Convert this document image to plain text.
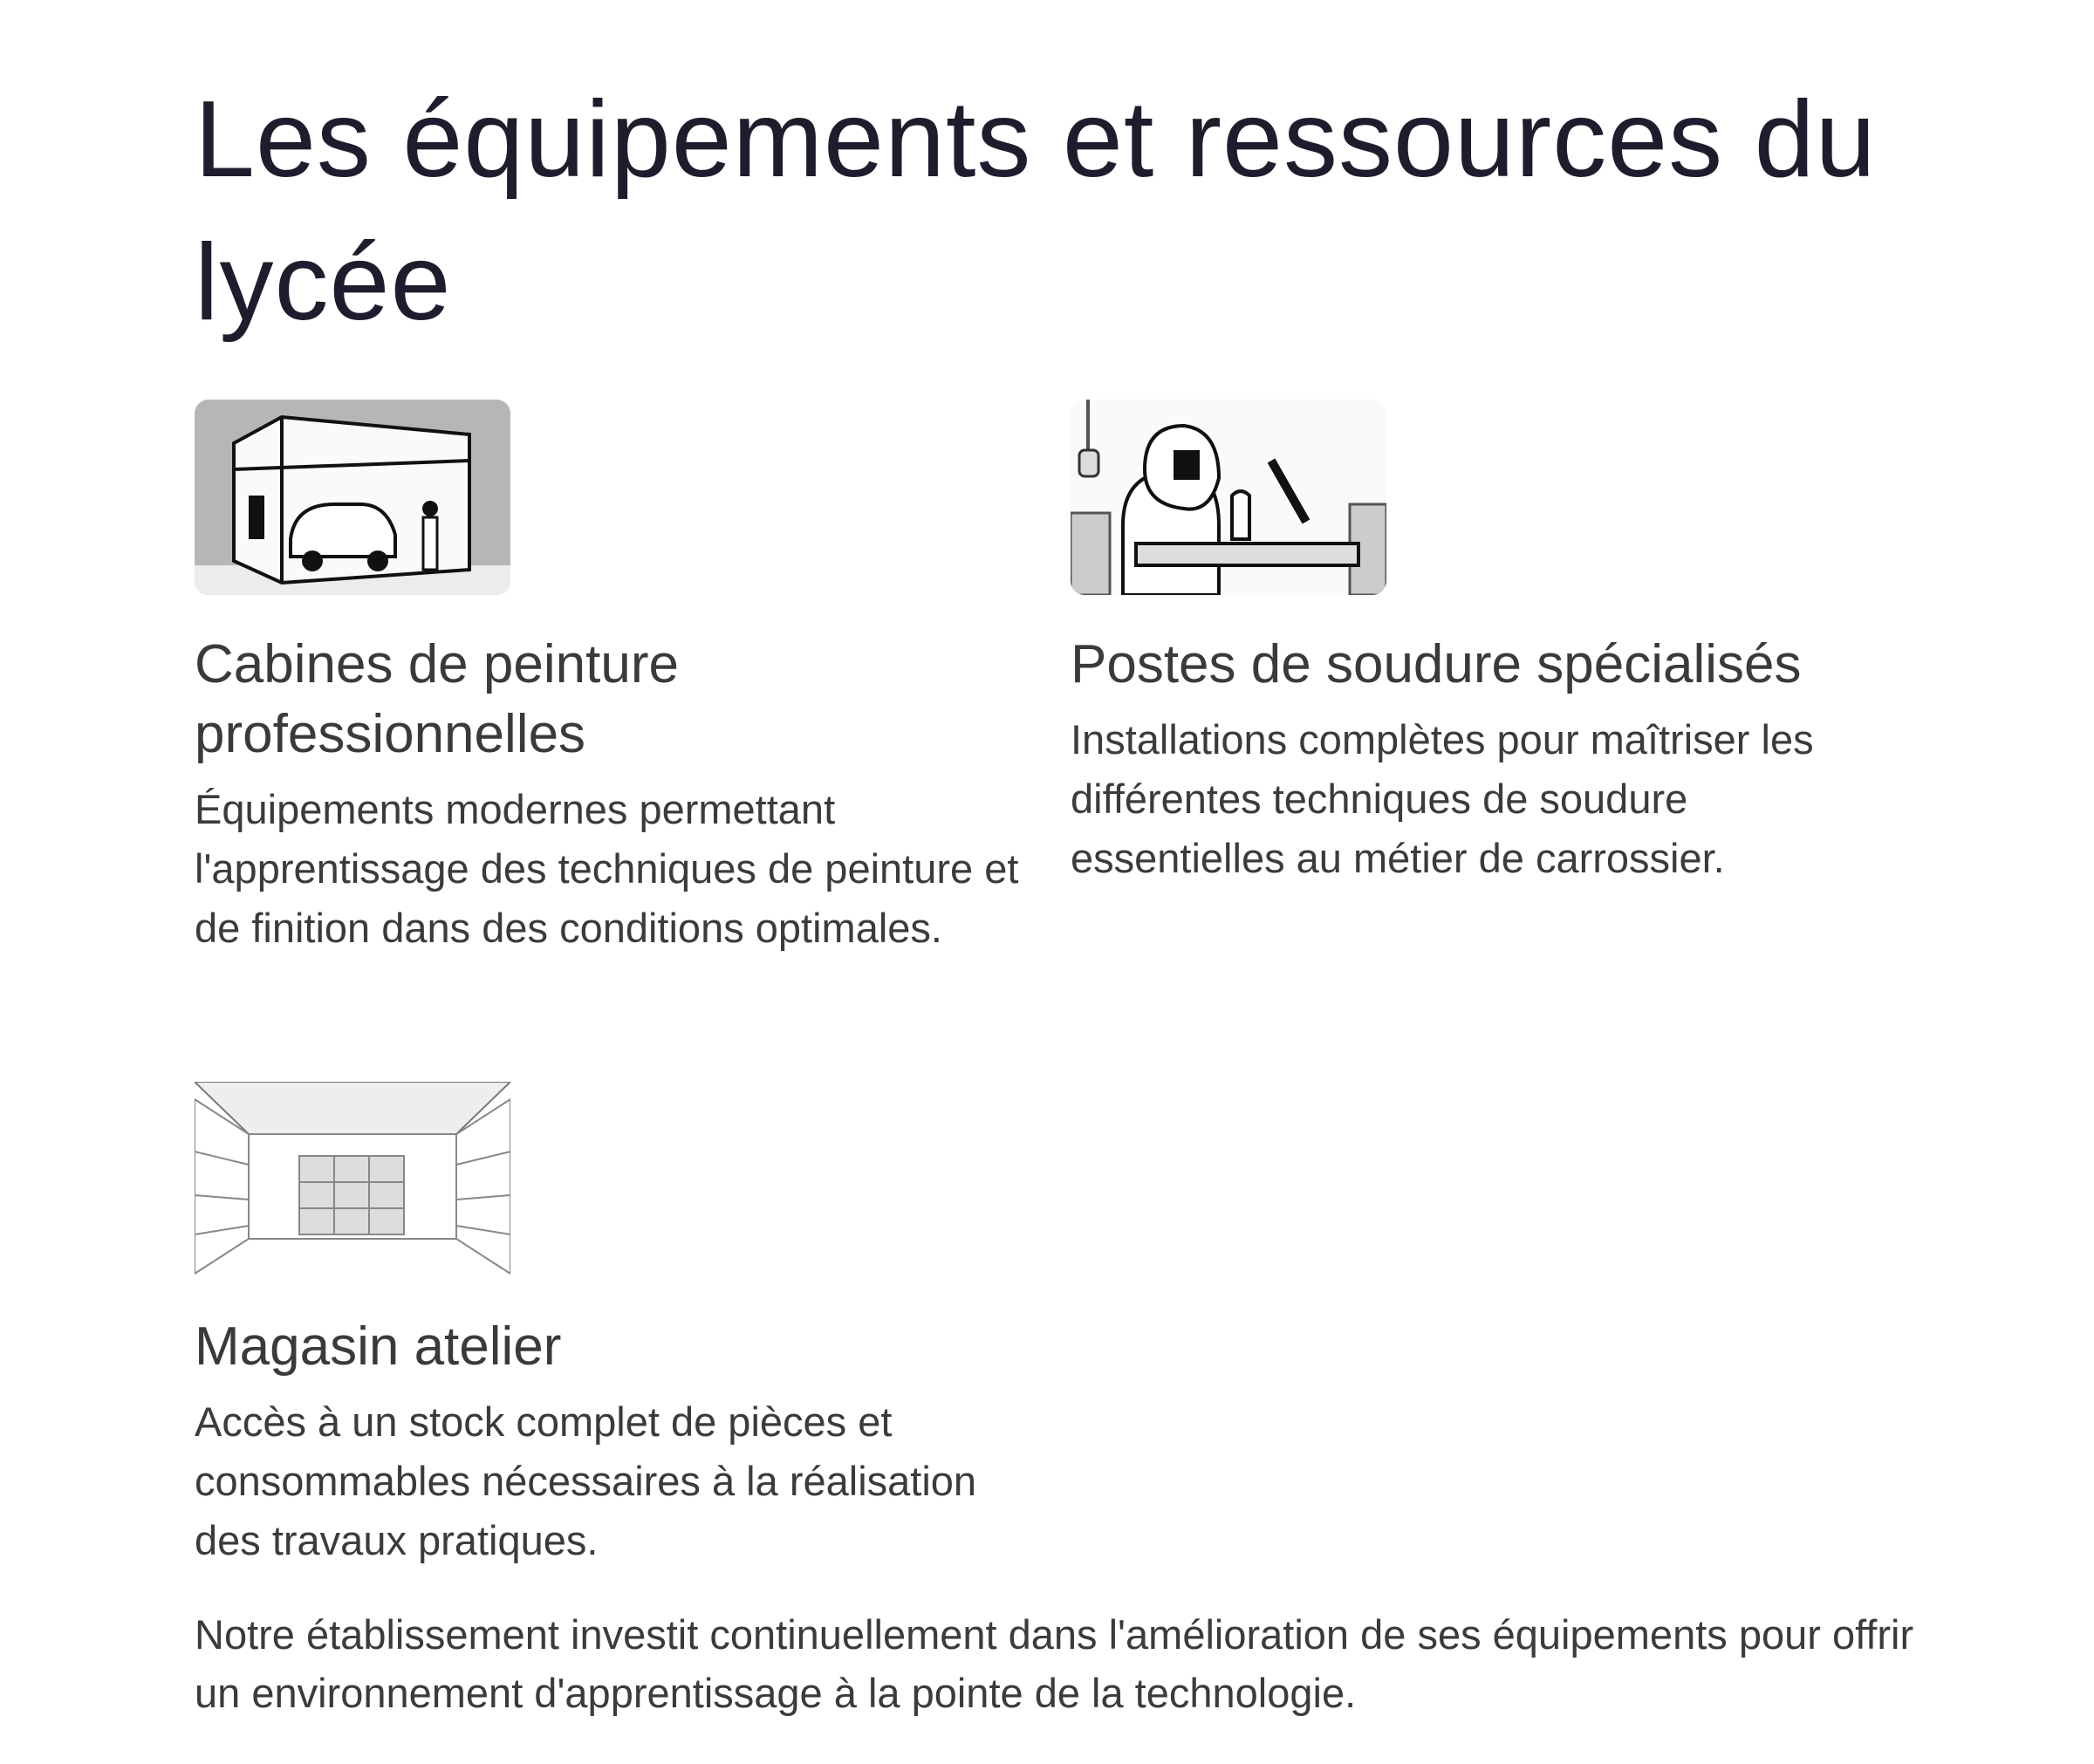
Les équipements et ressources du lycée
Cabines de peinture professionnelles

Équipements modernes permettant l'apprentissage des techniques de peinture et de finition dans des conditions optimales.

Postes de soudure spécialisés

Installations complètes pour maîtriser les différentes techniques de soudure essentielles au métier de carrossier.

Magasin atelier

Accès à un stock complet de pièces et consommables nécessaires à la réalisation des travaux pratiques.

Notre établissement investit continuellement dans l'amélioration de ses équipements pour offrir un environnement d'apprentissage à la pointe de la technologie.
